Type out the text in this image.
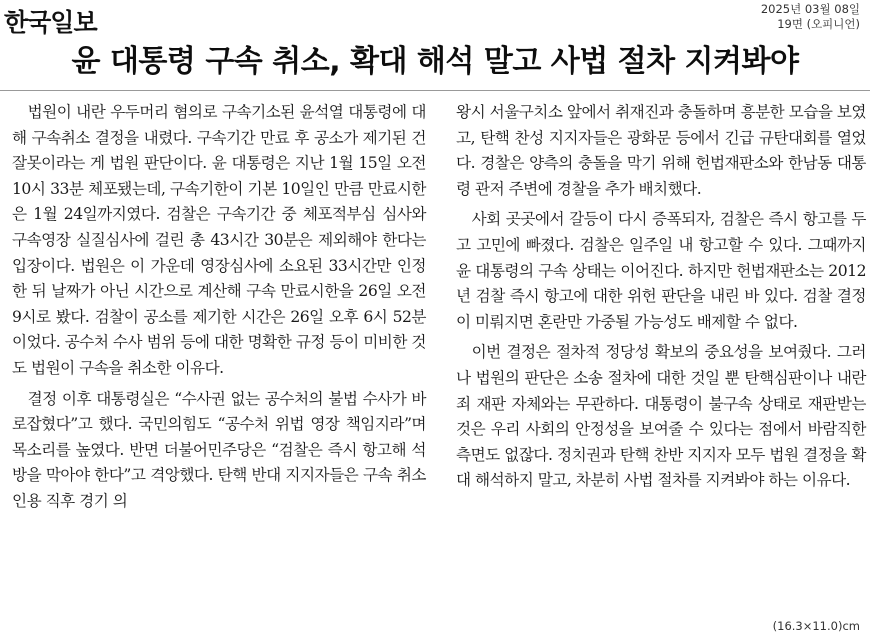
한국일보	2025년 03월 08일
19면 (오피니언)
윤 대통령 구속 취소, 확대 해석 말고 사법 절차 지켜봐야

법원이 내란 우두머리 혐의로 구속기소된 윤석열 대통령에 대해 구속취소 결정을 내렸다. 구속기간 만료 후 공소가 제기된 건 잘못이라는 게 법원 판단이다. 윤 대통령은 지난 1월 15일 오전 10시 33분 체포됐는데, 구속기한이 기본 10일인 만큼 만료시한은 1월 24일까지였다. 검찰은 구속기간 중 체포적부심 심사와 구속영장 실질심사에 걸린 총 43시간 30분은 제외해야 한다는 입장이다. 법원은 이 가운데 영장심사에 소요된 33시간만 인정한 뒤 날짜가 아닌 시간으로 계산해 구속 만료시한을 26일 오전 9시로 봤다. 검찰이 공소를 제기한 시간은 26일 오후 6시 52분이었다. 공수처 수사 범위 등에 대한 명확한 규정 등이 미비한 것도 법원이 구속을 취소한 이유다.

결정 이후 대통령실은 “수사권 없는 공수처의 불법 수사가 바로잡혔다”고 했다. 국민의힘도 “공수처 위법 영장 책임지라”며 목소리를 높였다. 반면 더불어민주당은 “검찰은 즉시 항고해 석방을 막아야 한다”고 격앙했다. 탄핵 반대 지지자들은 구속 취소 인용 직후 경기 의

왕시 서울구치소 앞에서 취재진과 충돌하며 흥분한 모습을 보였고, 탄핵 찬성 지지자들은 광화문 등에서 긴급 규탄대회를 열었다. 경찰은 양측의 충돌을 막기 위해 헌법재판소와 한남동 대통령 관저 주변에 경찰을 추가 배치했다.

사회 곳곳에서 갈등이 다시 증폭되자, 검찰은 즉시 항고를 두고 고민에 빠졌다. 검찰은 일주일 내 항고할 수 있다. 그때까지 윤 대통령의 구속 상태는 이어진다. 하지만 헌법재판소는 2012년 검찰 즉시 항고에 대한 위헌 판단을 내린 바 있다. 검찰 결정이 미뤄지면 혼란만 가중될 가능성도 배제할 수 없다.

이번 결정은 절차적 정당성 확보의 중요성을 보여줬다. 그러나 법원의 판단은 소송 절차에 대한 것일 뿐 탄핵심판이나 내란죄 재판 자체와는 무관하다. 대통령이 불구속 상태로 재판받는 것은 우리 사회의 안정성을 보여줄 수 있다는 점에서 바람직한 측면도 없잖다. 정치권과 탄핵 찬반 지지자 모두 법원 결정을 확대 해석하지 말고, 차분히 사법 절차를 지켜봐야 하는 이유다.

(16.3×11.0)cm
